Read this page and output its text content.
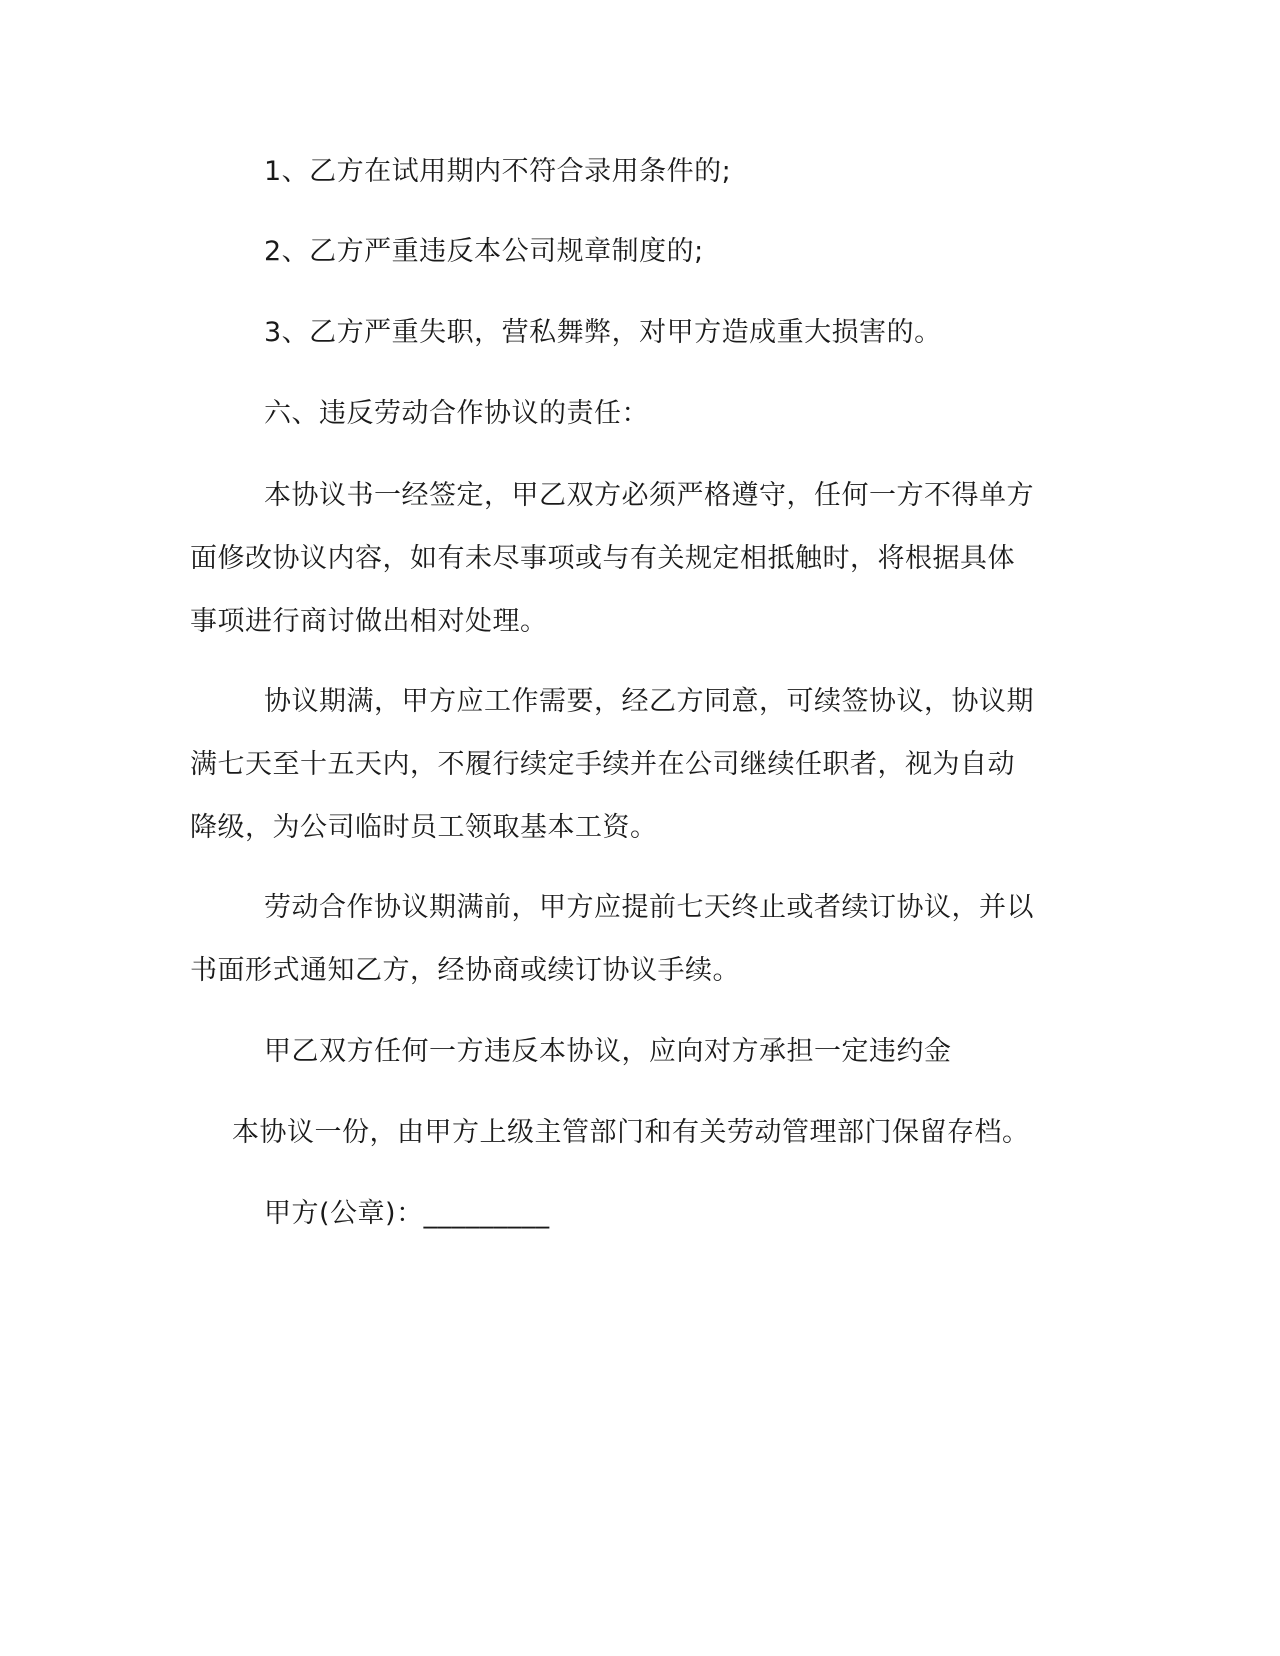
1、乙方在试用期内不符合录用条件的;

2、乙方严重违反本公司规章制度的;

3、乙方严重失职，营私舞弊，对甲方造成重大损害的。

六、违反劳动合作协议的责任：

本协议书一经签定，甲乙双方必须严格遵守，任何一方不得单方

面修改协议内容，如有未尽事项或与有关规定相抵触时，将根据具体

事项进行商讨做出相对处理。

协议期满，甲方应工作需要，经乙方同意，可续签协议，协议期

满七天至十五天内，不履行续定手续并在公司继续任职者，视为自动

降级，为公司临时员工领取基本工资。

劳动合作协议期满前，甲方应提前七天终止或者续订协议，并以

书面形式通知乙方，经协商或续订协议手续。

甲乙双方任何一方违反本协议，应向对方承担一定违约金

本协议一份，由甲方上级主管部门和有关劳动管理部门保留存档。

甲方(公章)：_________
